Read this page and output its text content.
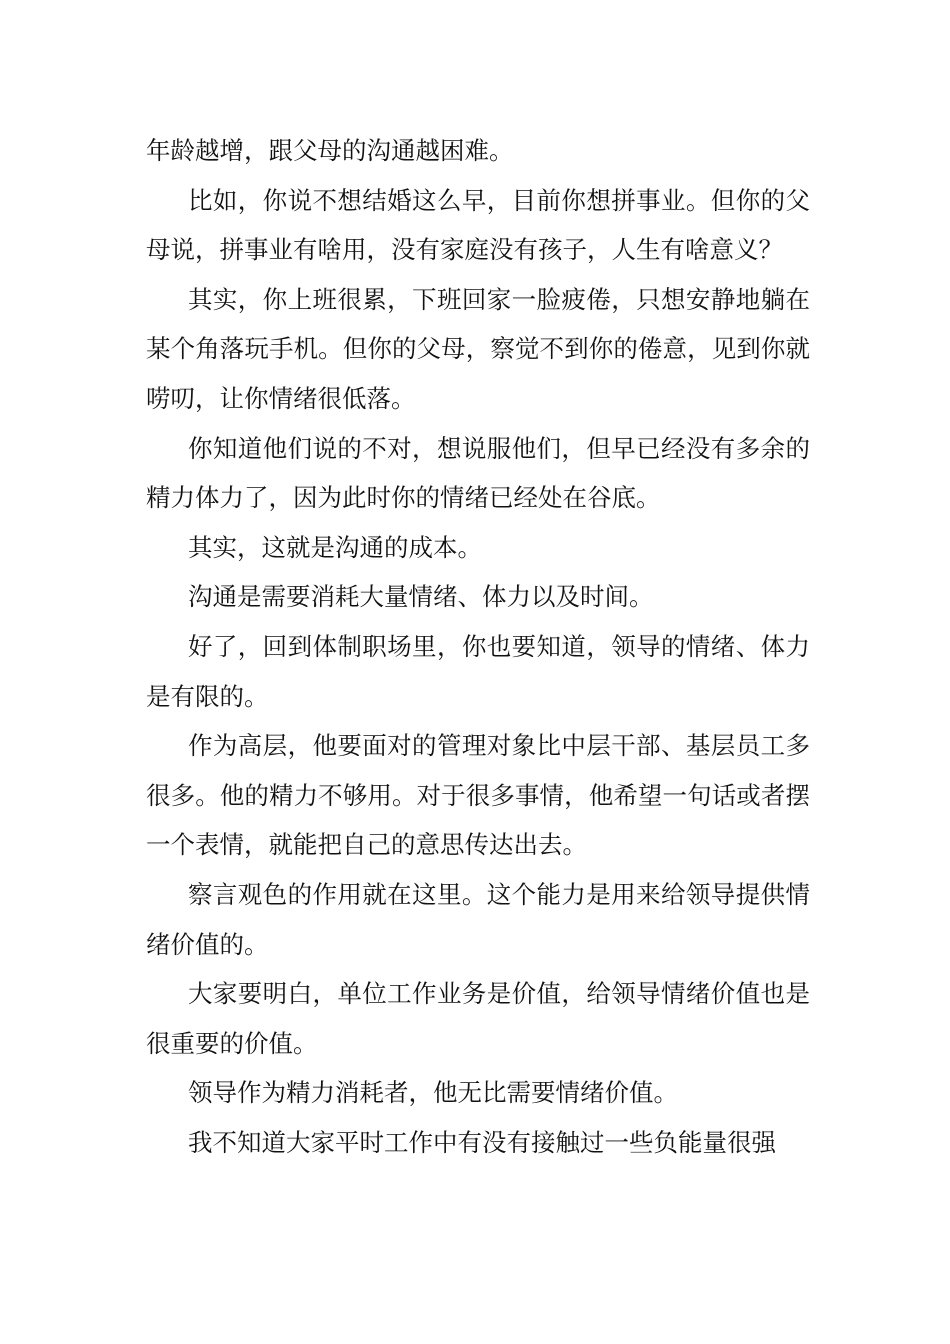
年龄越增，跟父母的沟通越困难。

比如，你说不想结婚这么早，目前你想拼事业。但你的父母说，拼事业有啥用，没有家庭没有孩子，人生有啥意义？

其实，你上班很累，下班回家一脸疲倦，只想安静地躺在某个角落玩手机。但你的父母，察觉不到你的倦意，见到你就唠叨，让你情绪很低落。

你知道他们说的不对，想说服他们，但早已经没有多余的精力体力了，因为此时你的情绪已经处在谷底。

其实，这就是沟通的成本。

沟通是需要消耗大量情绪、体力以及时间。

好了，回到体制职场里，你也要知道，领导的情绪、体力是有限的。

作为高层，他要面对的管理对象比中层干部、基层员工多很多。他的精力不够用。对于很多事情，他希望一句话或者摆一个表情，就能把自己的意思传达出去。

察言观色的作用就在这里。这个能力是用来给领导提供情绪价值的。

大家要明白，单位工作业务是价值，给领导情绪价值也是很重要的价值。

领导作为精力消耗者，他无比需要情绪价值。

我不知道大家平时工作中有没有接触过一些负能量很强
